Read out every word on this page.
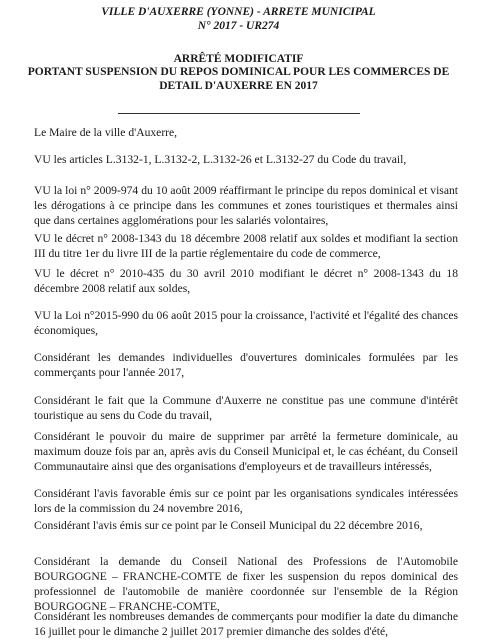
VILLE D'AUXERRE (YONNE) - ARRETE MUNICIPAL
N° 2017 - UR274
ARRÊTÉ MODIFICATIF
PORTANT SUSPENSION DU REPOS DOMINICAL POUR LES COMMERCES DE
DETAIL D'AUXERRE EN 2017
Le Maire de la ville d'Auxerre,
VU les articles L.3132-1, L.3132-2, L.3132-26 et L.3132-27 du Code du travail,
VU la loi n° 2009-974 du 10 août 2009 réaffirmant le principe du repos dominical et visant les dérogations à ce principe dans les communes et zones touristiques et thermales ainsi que dans certaines agglomérations pour les salariés volontaires,
VU le décret n° 2008-1343 du 18 décembre 2008 relatif aux soldes et modifiant la section III du titre 1er du livre III de la partie réglementaire du code de commerce,
VU le décret n° 2010-435 du 30 avril 2010 modifiant le décret n° 2008-1343 du 18 décembre 2008 relatif aux soldes,
VU la Loi n°2015-990 du 06 août 2015 pour la croissance, l'activité et l'égalité des chances économiques,
Considérant les demandes individuelles d'ouvertures dominicales formulées par les commerçants pour l'année 2017,
Considérant le fait que la Commune d'Auxerre ne constitue pas une commune d'intérêt touristique au sens du Code du travail,
Considérant le pouvoir du maire de supprimer par arrêté la fermeture dominicale, au maximum douze fois par an, après avis du Conseil Municipal et, le cas échéant, du Conseil Communautaire ainsi que des organisations d'employeurs et de travailleurs intéressés,
Considérant l'avis favorable émis sur ce point par les organisations syndicales intéressées lors de la commission du 24 novembre 2016,
Considérant l'avis émis sur ce point par le Conseil Municipal du 22 décembre 2016,
Considérant la demande du Conseil National des Professions de l'Automobile BOURGOGNE – FRANCHE-COMTE de fixer les suspension du repos dominical des professionnel de l'automobile de manière coordonnée sur l'ensemble de la Région BOURGOGNE – FRANCHE-COMTE,
Considérant les nombreuses demandes de commerçants pour modifier la date du dimanche 16 juillet pour le dimanche 2 juillet 2017 premier dimanche des soldes d'été,
